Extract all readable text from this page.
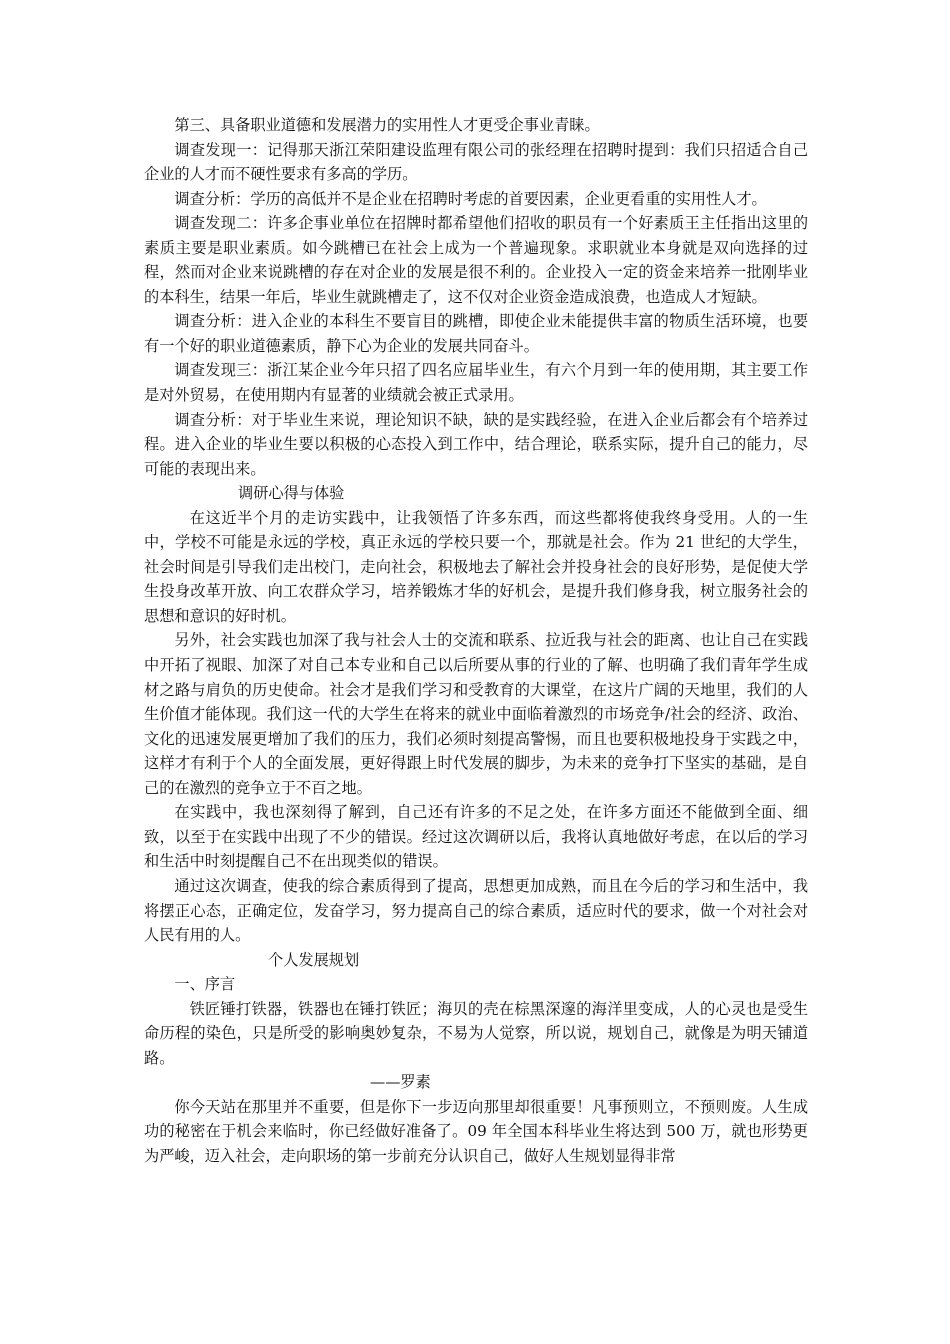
第三、具备职业道德和发展潜力的实用性人才更受企事业青睐。

调查发现一：记得那天浙江荣阳建设监理有限公司的张经理在招聘时提到：我们只招适合自己企业的人才而不硬性要求有多高的学历。

调查分析：学历的高低并不是企业在招聘时考虑的首要因素，企业更看重的实用性人才。

调查发现二：许多企事业单位在招牌时都希望他们招收的职员有一个好素质王主任指出这里的素质主要是职业素质。如今跳槽已在社会上成为一个普遍现象。求职就业本身就是双向选择的过程，然而对企业来说跳槽的存在对企业的发展是很不利的。企业投入一定的资金来培养一批刚毕业的本科生，结果一年后，毕业生就跳槽走了，这不仅对企业资金造成浪费，也造成人才短缺。

调查分析：进入企业的本科生不要盲目的跳槽，即使企业未能提供丰富的物质生活环境，也要有一个好的职业道德素质，静下心为企业的发展共同奋斗。

调查发现三：浙江某企业今年只招了四名应届毕业生，有六个月到一年的使用期，其主要工作是对外贸易，在使用期内有显著的业绩就会被正式录用。

调查分析：对于毕业生来说，理论知识不缺，缺的是实践经验，在进入企业后都会有个培养过程。进入企业的毕业生要以积极的心态投入到工作中，结合理论，联系实际，提升自己的能力，尽可能的表现出来。

调研心得与体验

在这近半个月的走访实践中，让我领悟了许多东西，而这些都将使我终身受用。人的一生中，学校不可能是永远的学校，真正永远的学校只要一个，那就是社会。作为 21 世纪的大学生，社会时间是引导我们走出校门，走向社会，积极地去了解社会并投身社会的良好形势，是促使大学生投身改革开放、向工农群众学习，培养锻炼才华的好机会，是提升我们修身我，树立服务社会的思想和意识的好时机。

另外，社会实践也加深了我与社会人士的交流和联系、拉近我与社会的距离、也让自己在实践中开拓了视眼、加深了对自己本专业和自己以后所要从事的行业的了解、也明确了我们青年学生成材之路与肩负的历史使命。社会才是我们学习和受教育的大课堂，在这片广阔的天地里，我们的人生价值才能体现。我们这一代的大学生在将来的就业中面临着激烈的市场竞争/社会的经济、政治、文化的迅速发展更增加了我们的压力，我们必须时刻提高警惕，而且也要积极地投身于实践之中，这样才有利于个人的全面发展，更好得跟上时代发展的脚步，为未来的竞争打下坚实的基础，是自己的在激烈的竞争立于不百之地。

在实践中，我也深刻得了解到，自己还有许多的不足之处，在许多方面还不能做到全面、细致，以至于在实践中出现了不少的错误。经过这次调研以后，我将认真地做好考虑，在以后的学习和生活中时刻提醒自己不在出现类似的错误。

通过这次调查，使我的综合素质得到了提高，思想更加成熟，而且在今后的学习和生活中，我将摆正心态，正确定位，发奋学习，努力提高自己的综合素质，适应时代的要求，做一个对社会对人民有用的人。

个人发展规划

一、序言

铁匠锤打铁器，铁器也在锤打铁匠；海贝的壳在棕黑深邃的海洋里变成，人的心灵也是受生命历程的染色，只是所受的影响奥妙复杂，不易为人觉察，所以说，规划自己，就像是为明天铺道路。

——罗素

你今天站在那里并不重要，但是你下一步迈向那里却很重要！凡事预则立，不预则废。人生成功的秘密在于机会来临时，你已经做好准备了。09 年全国本科毕业生将达到 500 万，就也形势更为严峻，迈入社会，走向职场的第一步前充分认识自己，做好人生规划显得非常
